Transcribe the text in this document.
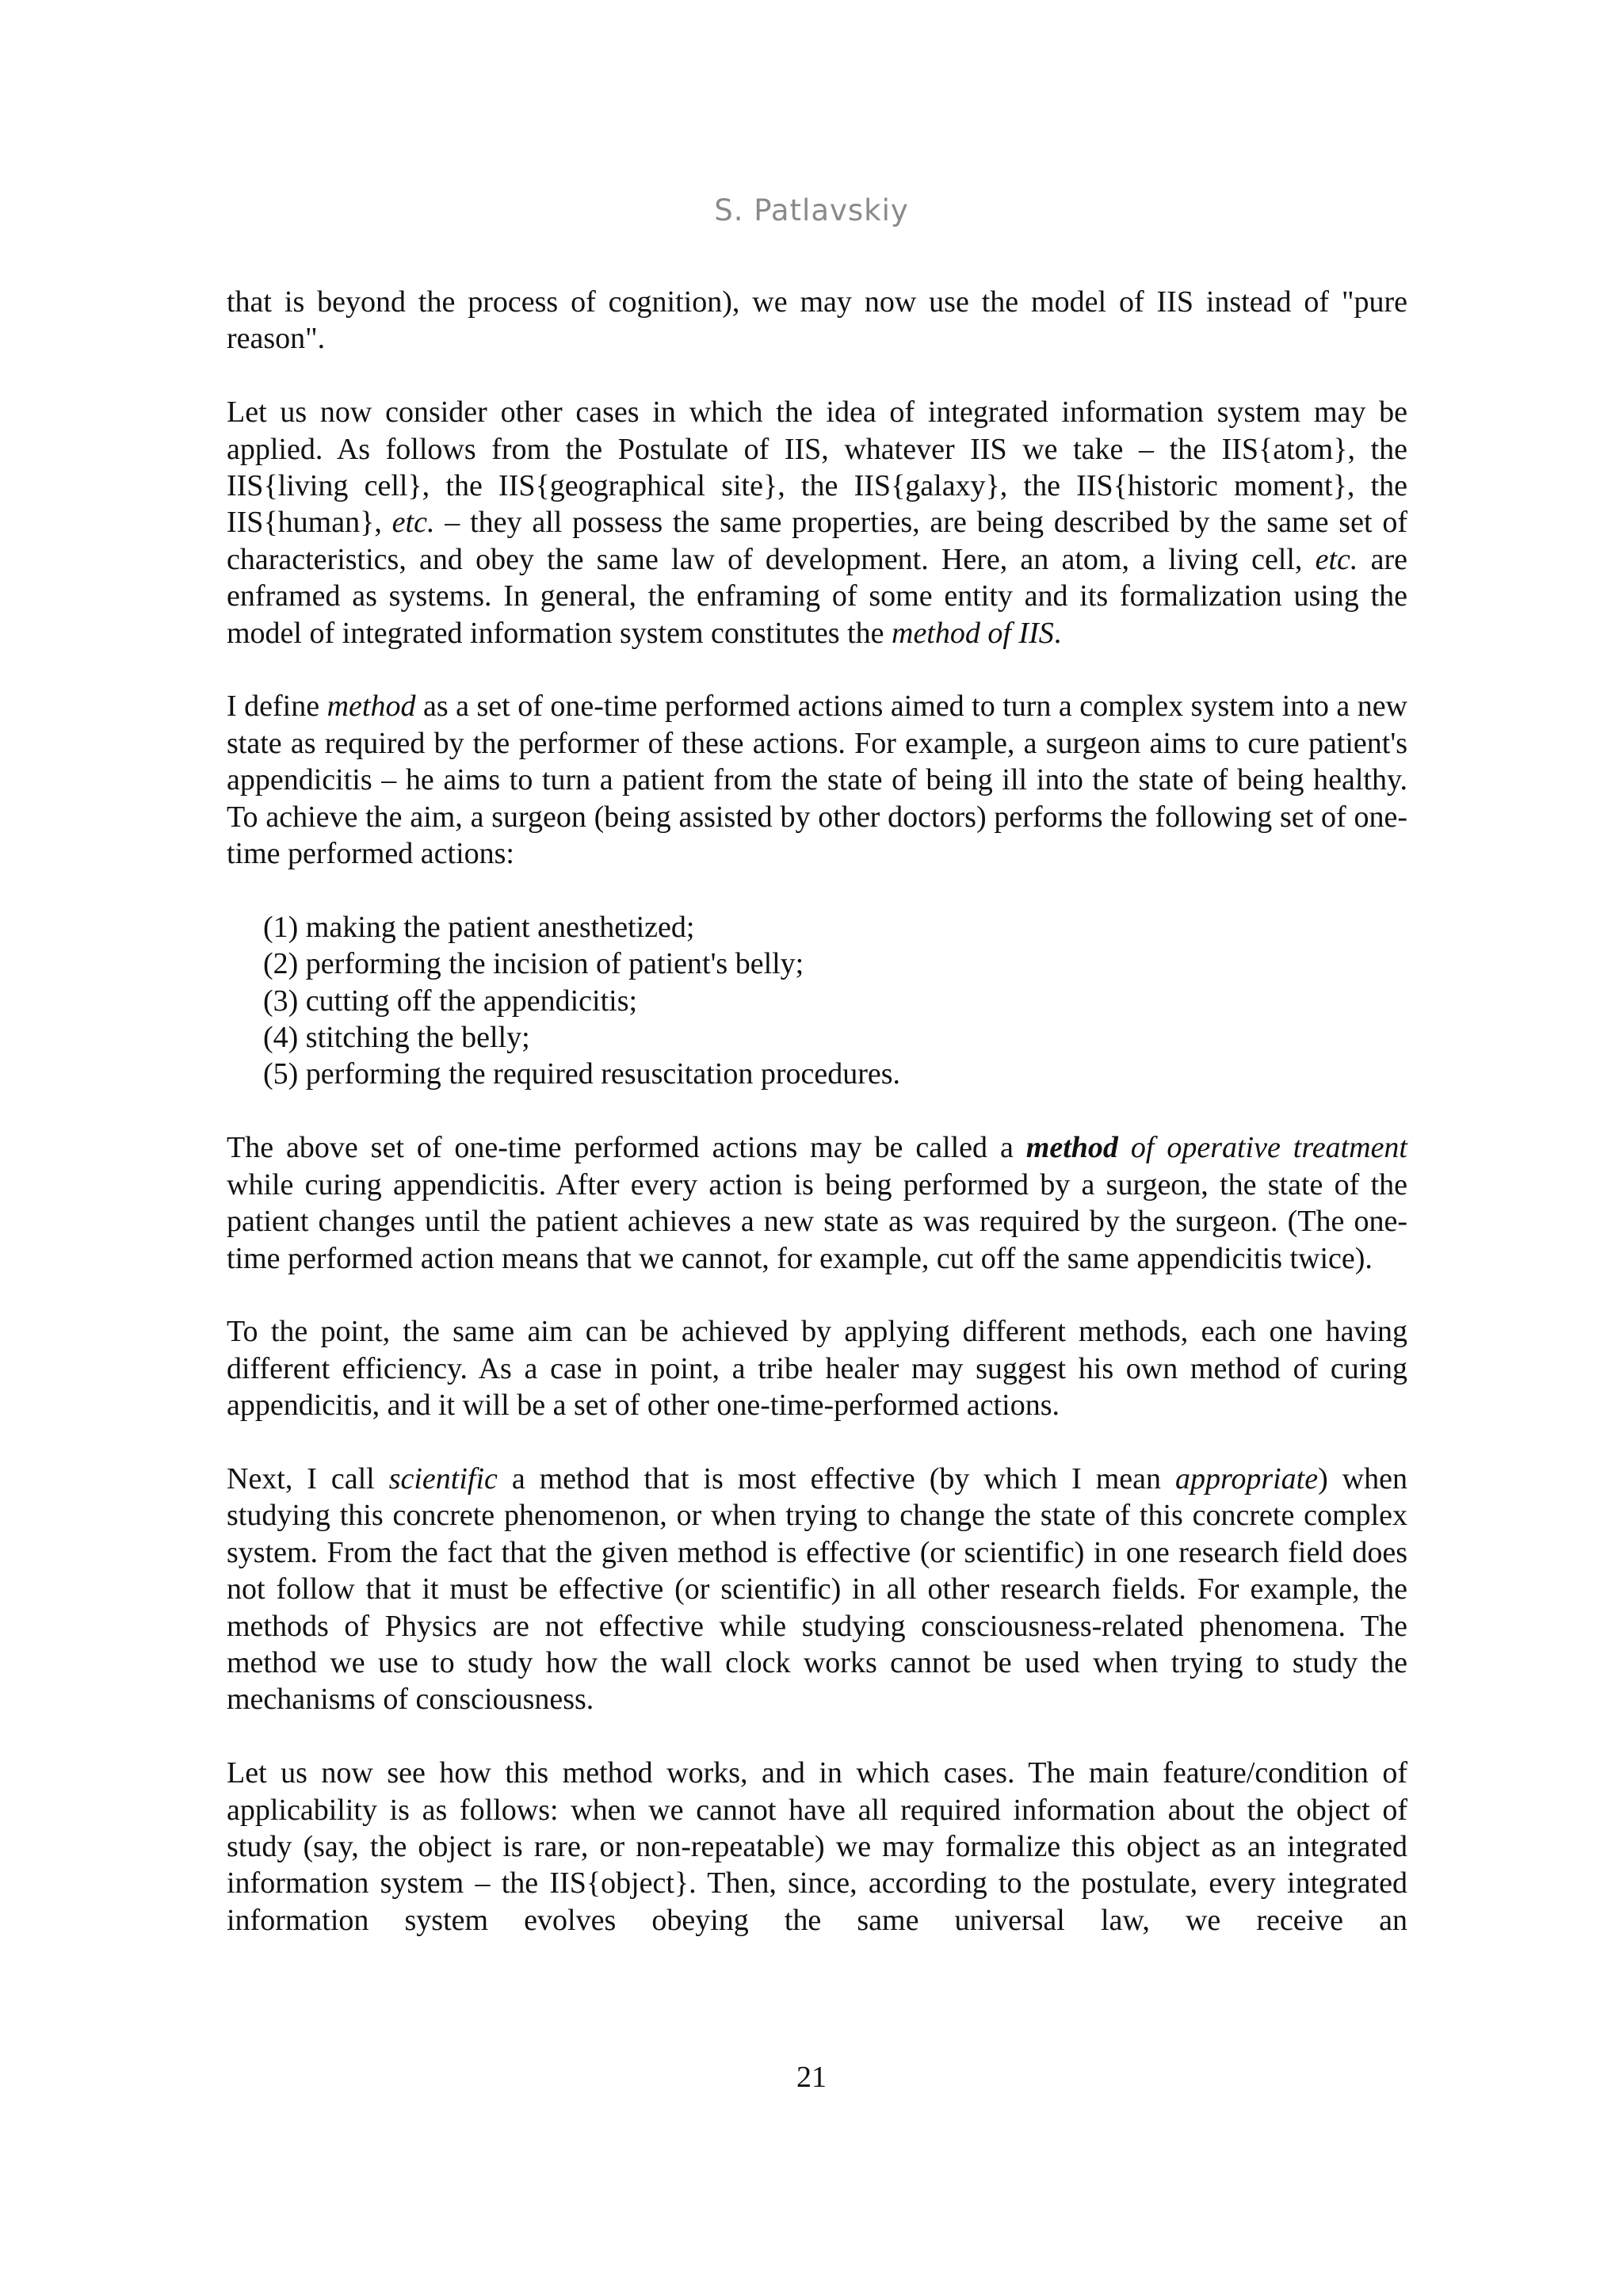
S. Patlavskiy

that is beyond the process of cognition), we may now use the model of IIS instead of "pure reason".

Let us now consider other cases in which the idea of integrated information system may be applied. As follows from the Postulate of IIS, whatever IIS we take – the IIS{atom}, the IIS{living cell}, the IIS{geographical site}, the IIS{galaxy}, the IIS{historic moment}, the IIS{human}, etc. – they all possess the same properties, are being described by the same set of characteristics, and obey the same law of development. Here, an atom, a living cell, etc. are enframed as systems. In general, the enframing of some entity and its formalization using the model of integrated information system constitutes the method of IIS.

I define method as a set of one-time performed actions aimed to turn a complex system into a new state as required by the performer of these actions. For example, a surgeon aims to cure patient's appendicitis – he aims to turn a patient from the state of being ill into the state of being healthy. To achieve the aim, a surgeon (being assisted by other doctors) performs the following set of one-time performed actions:

(1) making the patient anesthetized;
(2) performing the incision of patient's belly;
(3) cutting off the appendicitis;
(4) stitching the belly;
(5) performing the required resuscitation procedures.

The above set of one-time performed actions may be called a method of operative treatment while curing appendicitis. After every action is being performed by a surgeon, the state of the patient changes until the patient achieves a new state as was required by the surgeon. (The one-time performed action means that we cannot, for example, cut off the same appendicitis twice).

To the point, the same aim can be achieved by applying different methods, each one having different efficiency. As a case in point, a tribe healer may suggest his own method of curing appendicitis, and it will be a set of other one-time-performed actions.

Next, I call scientific a method that is most effective (by which I mean appropriate) when studying this concrete phenomenon, or when trying to change the state of this concrete complex system. From the fact that the given method is effective (or scientific) in one research field does not follow that it must be effective (or scientific) in all other research fields. For example, the methods of Physics are not effective while studying consciousness-related phenomena. The method we use to study how the wall clock works cannot be used when trying to study the mechanisms of consciousness.

Let us now see how this method works, and in which cases. The main feature/condition of applicability is as follows: when we cannot have all required information about the object of study (say, the object is rare, or non-repeatable) we may formalize this object as an integrated information system – the IIS{object}. Then, since, according to the postulate, every integrated information system evolves obeying the same universal law, we receive an

21
